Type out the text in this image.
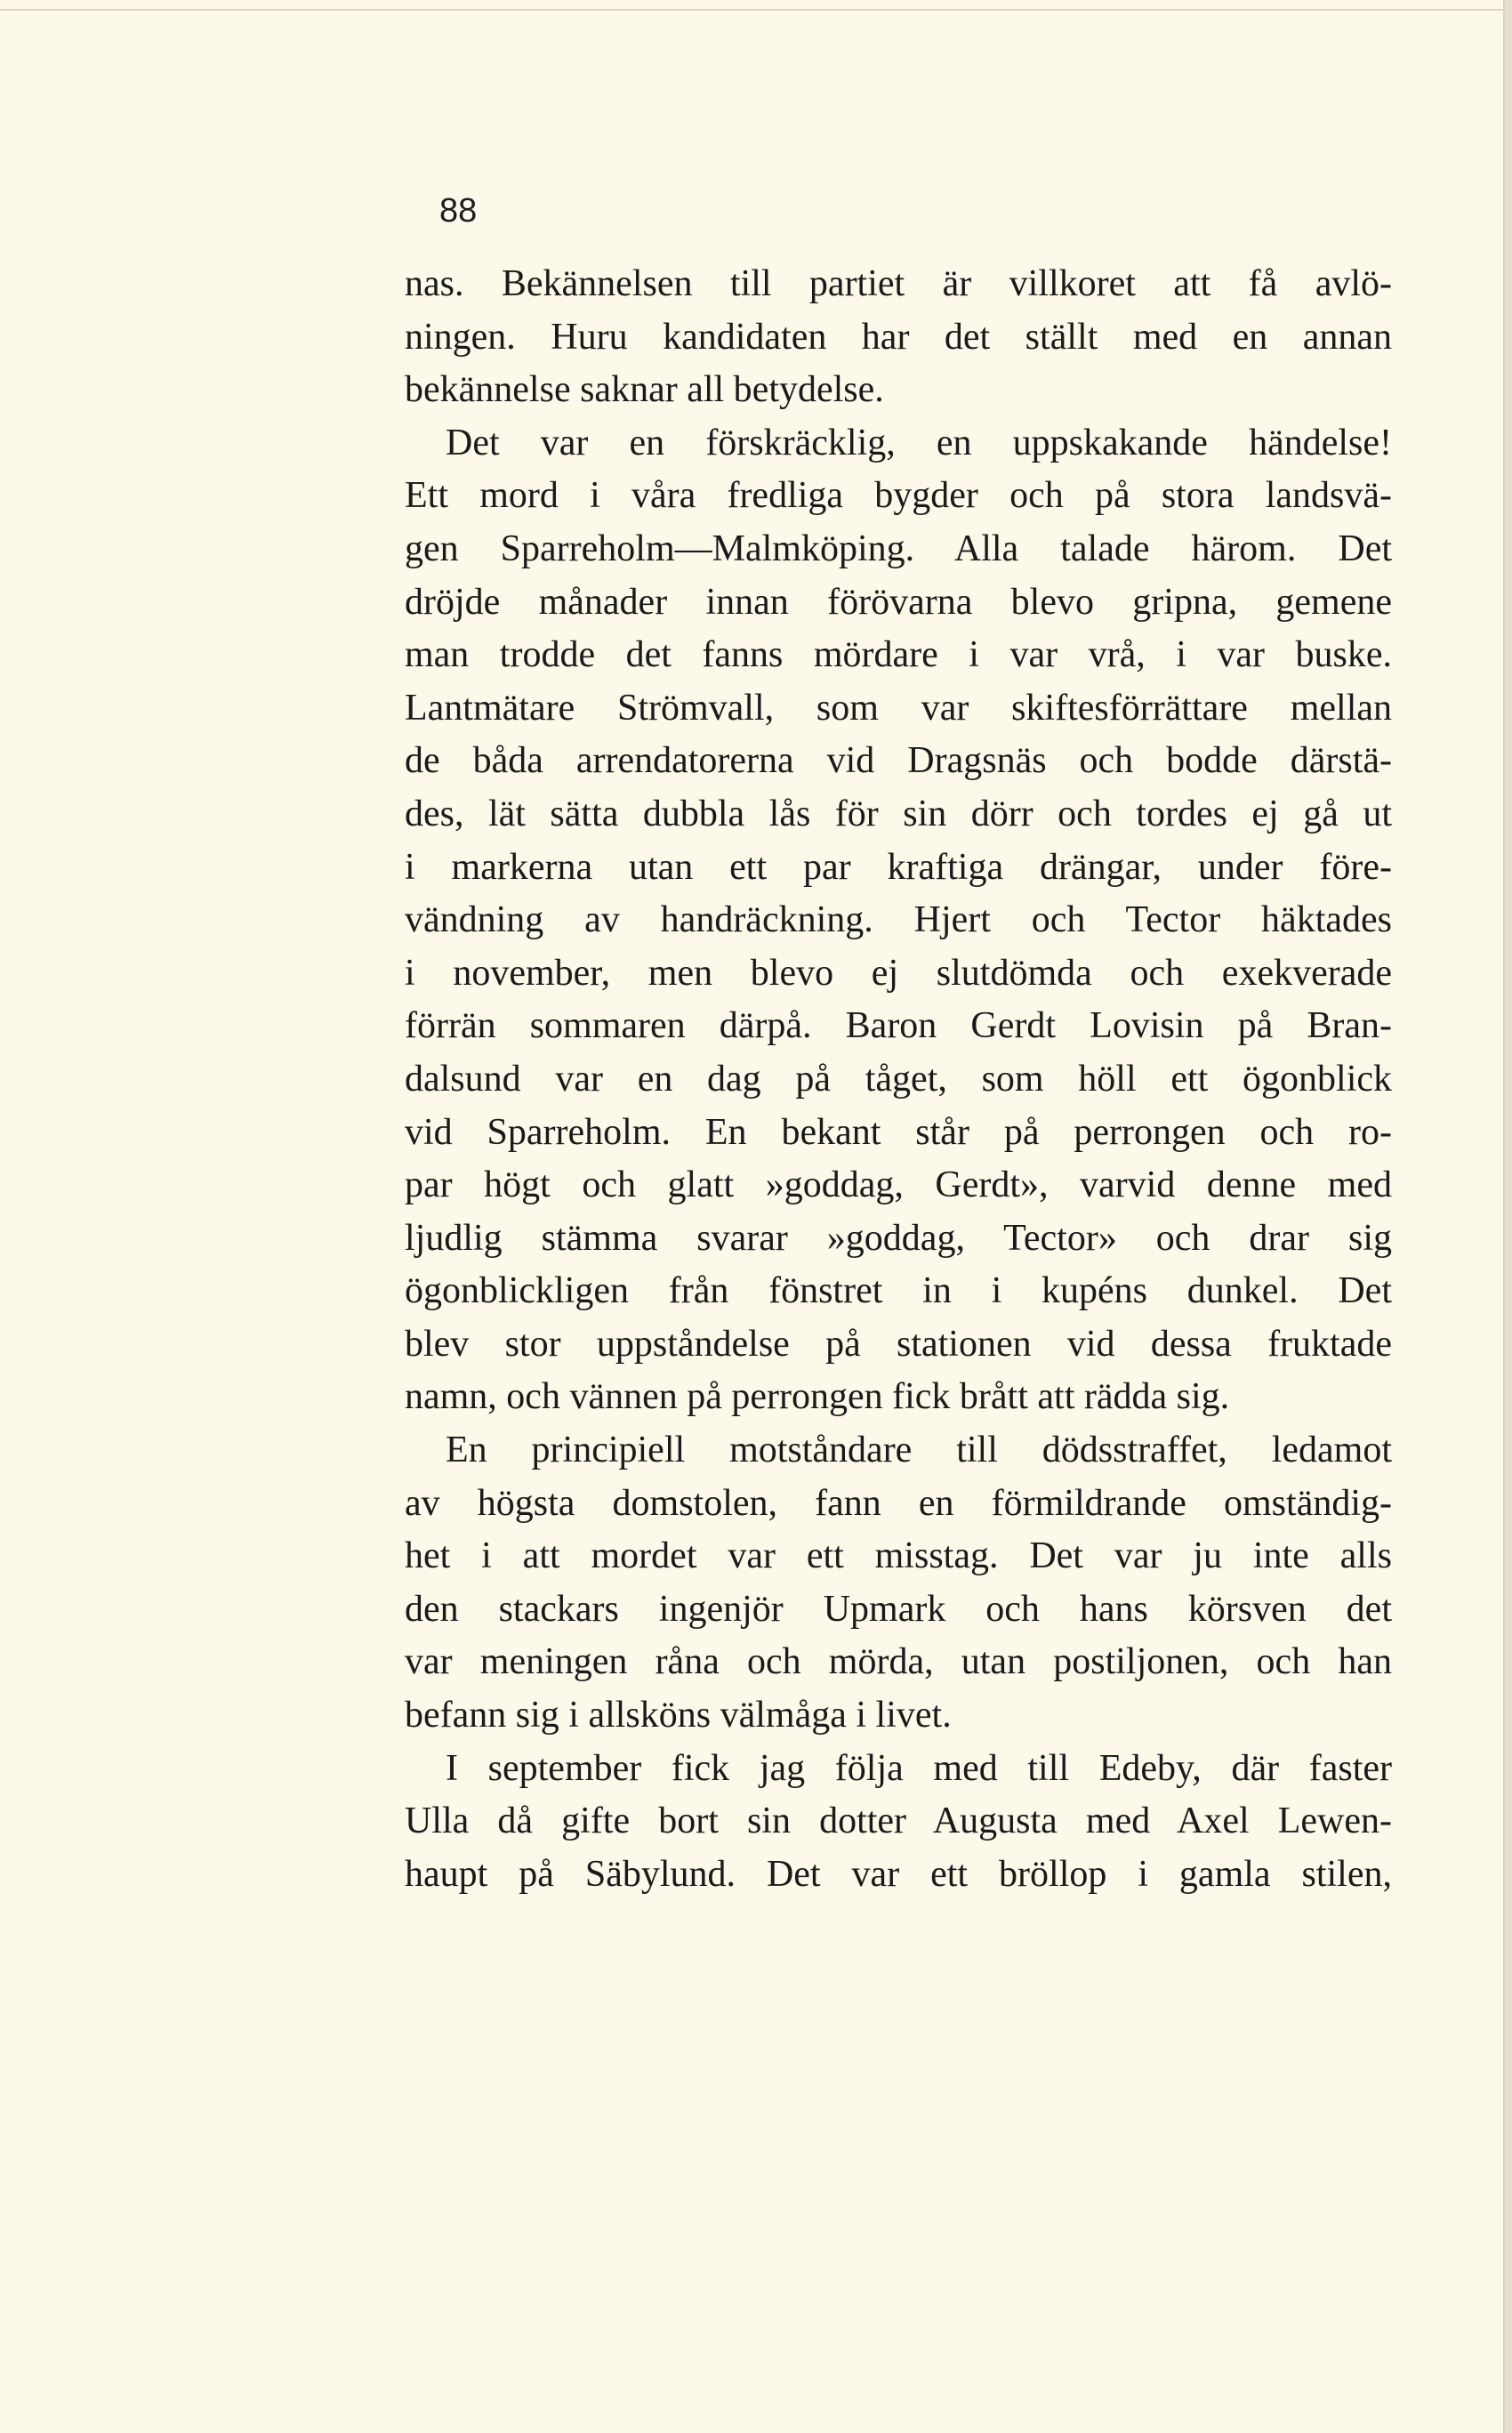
88
nas. Bekännelsen till partiet är villkoret att få avlö-
ningen. Huru kandidaten har det ställt med en annan
bekännelse saknar all betydelse.
Det var en förskräcklig, en uppskakande händelse!
Ett mord i våra fredliga bygder och på stora landsvä-
gen Sparreholm—Malmköping. Alla talade härom. Det
dröjde månader innan förövarna blevo gripna, gemene
man trodde det fanns mördare i var vrå, i var buske.
Lantmätare Strömvall, som var skiftesförrättare mellan
de båda arrendatorerna vid Dragsnäs och bodde därstä-
des, lät sätta dubbla lås för sin dörr och tordes ej gå ut
i markerna utan ett par kraftiga drängar, under före-
vändning av handräckning. Hjert och Tector häktades
i november, men blevo ej slutdömda och exekverade
förrän sommaren därpå. Baron Gerdt Lovisin på Bran-
dalsund var en dag på tåget, som höll ett ögonblick
vid Sparreholm. En bekant står på perrongen och ro-
par högt och glatt »goddag, Gerdt», varvid denne med
ljudlig stämma svarar »goddag, Tector» och drar sig
ögonblickligen från fönstret in i kupéns dunkel. Det
blev stor uppståndelse på stationen vid dessa fruktade
namn, och vännen på perrongen fick brått att rädda sig.
En principiell motståndare till dödsstraffet, ledamot
av högsta domstolen, fann en förmildrande omständig-
het i att mordet var ett misstag. Det var ju inte alls
den stackars ingenjör Upmark och hans körsven det
var meningen råna och mörda, utan postiljonen, och han
befann sig i allsköns välmåga i livet.
I september fick jag följa med till Edeby, där faster
Ulla då gifte bort sin dotter Augusta med Axel Lewen-
haupt på Säbylund. Det var ett bröllop i gamla stilen,
